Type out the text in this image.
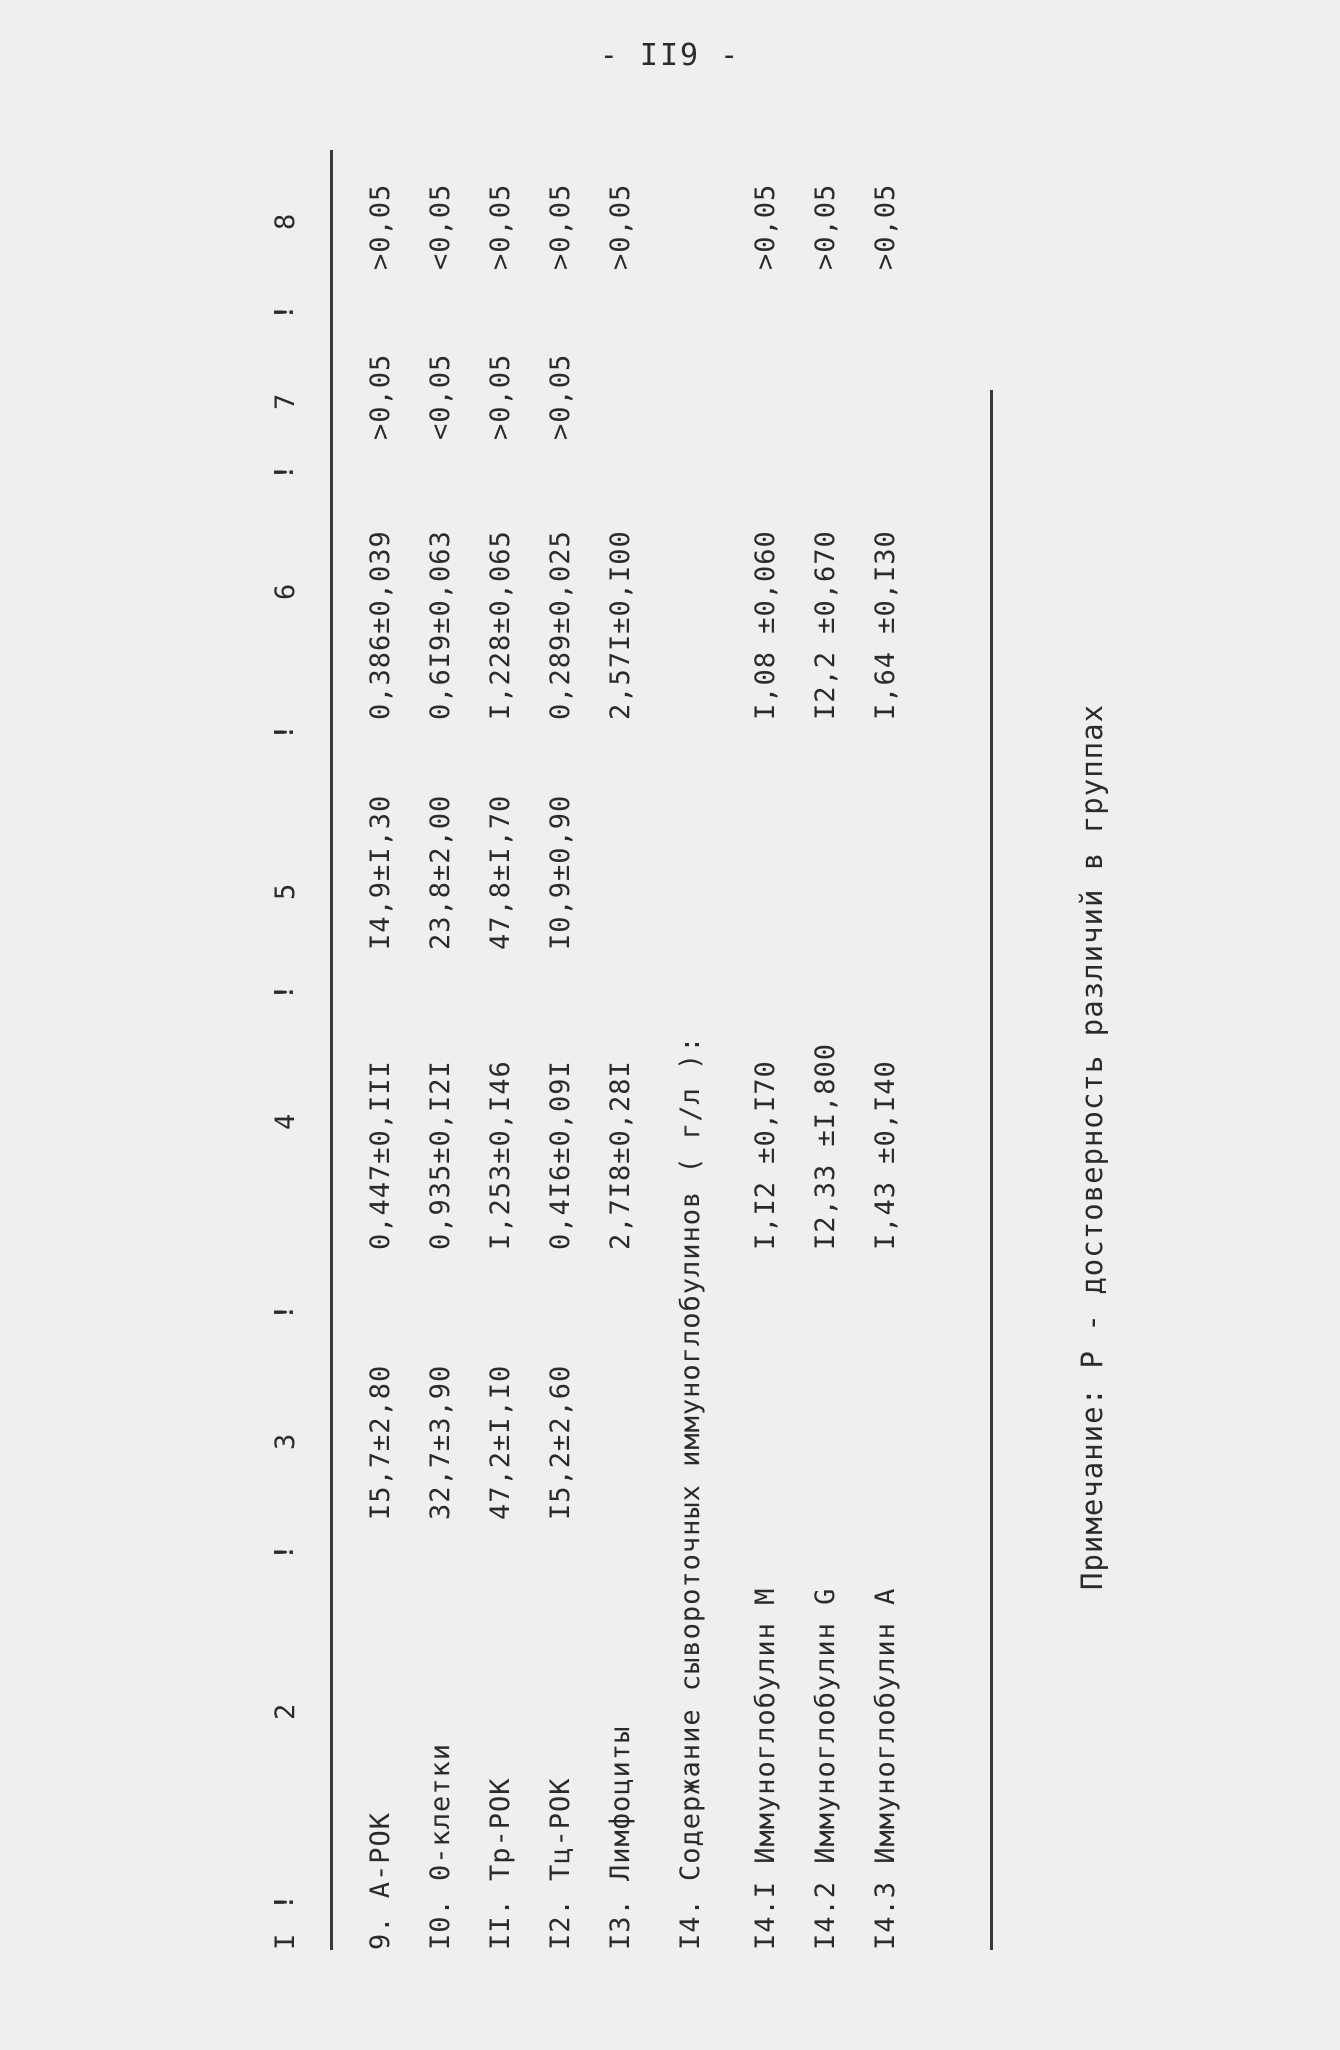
- II9 -
I
!
2
!
3
!
4
!
5
!
6
!
7
!
8
9. А-РОК
I5,7±2,80
0,447±0,III
I4,9±I,30
0,386±0,039
>0,05
>0,05
I0. 0-клетки
32,7±3,90
0,935±0,I2I
23,8±2,00
0,6I9±0,063
<0,05
<0,05
II. Тр-РОК
47,2±I,I0
I,253±0,I46
47,8±I,70
I,228±0,065
>0,05
>0,05
I2. Тц-РОК
I5,2±2,60
0,4I6±0,09I
I0,9±0,90
0,289±0,025
>0,05
>0,05
I3. Лимфоциты
2,7I8±0,28I
2,57I±0,I00
>0,05
I4. Содержание сывороточных иммуноглобулинов ( г/л ): I4.I Иммуноглобулин М
I,I2 ±0,I70
I,08 ±0,060
>0,05
I4.2 Иммуноглобулин G
I2,33 ±I,800
I2,2 ±0,670
>0,05
I4.3 Иммуноглобулин А
I,43 ±0,I40
I,64 ±0,I30
>0,05
Примечание: Р - достоверность различий в группах
